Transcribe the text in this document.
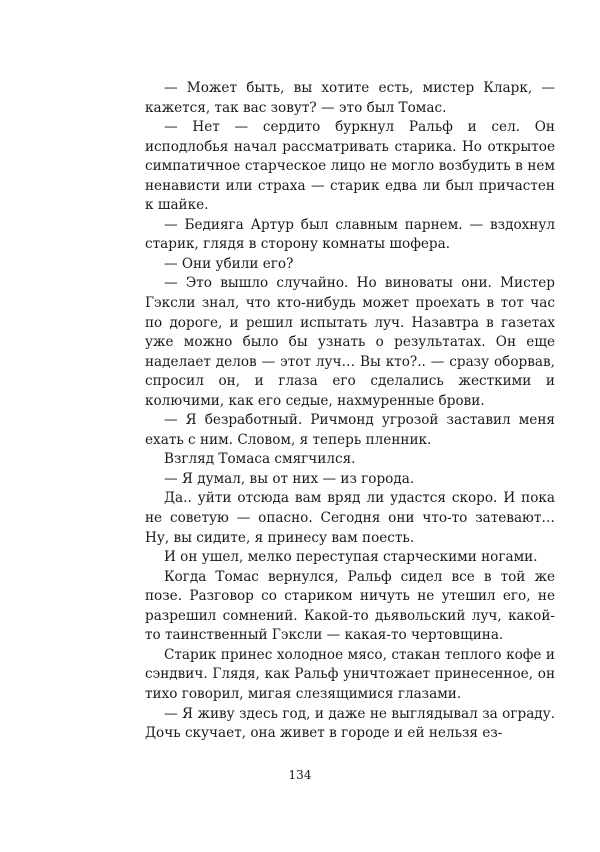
— Может быть, вы хотите есть, мистер Кларк, — кажется, так вас зовут? — это был Томас.

— Нет — сердито буркнул Ральф и сел. Он исподлобья начал рассматривать старика. Но открытое симпатичное старческое лицо не могло возбудить в нем ненависти или страха — старик едва ли был причастен к шайке.

— Бедияга Артур был славным парнем. — вздохнул старик, глядя в сторону комнаты шофера.

— Они убили его?

— Это вышло случайно. Но виноваты они. Мистер Гэксли знал, что кто-нибудь может проехать в тот час по дороге, и решил испытать луч. Назавтра в газетах уже можно было бы узнать о результатах. Он еще наделает делов — этот луч… Вы кто?.. — сразу оборвав, спросил он, и глаза его сделались жесткими и колючими, как его седые, нахмуренные брови.

— Я безработный. Ричмонд угрозой заставил меня ехать с ним. Словом, я теперь пленник.

Взгляд Томаса смягчился.

— Я думал, вы от них — из города.

Да.. уйти отсюда вам вряд ли удастся скоро. И пока не советую — опасно. Сегодня они что-то затевают… Ну, вы сидите, я принесу вам поесть.

И он ушел, мелко переступая старческими ногами.

Когда Томас вернулся, Ральф сидел все в той же позе. Разговор со стариком ничуть не утешил его, не разрешил сомнений. Какой-то дьявольский луч, какой-то таинственный Гэксли — какая-то чертовщина.

Старик принес холодное мясо, стакан теплого кофе и сэндвич. Глядя, как Ральф уничтожает принесенное, он тихо говорил, мигая слезящимися глазами.

— Я живу здесь год, и даже не выглядывал за ограду. Дочь скучает, она живет в городе и ей нельзя ез-

134
